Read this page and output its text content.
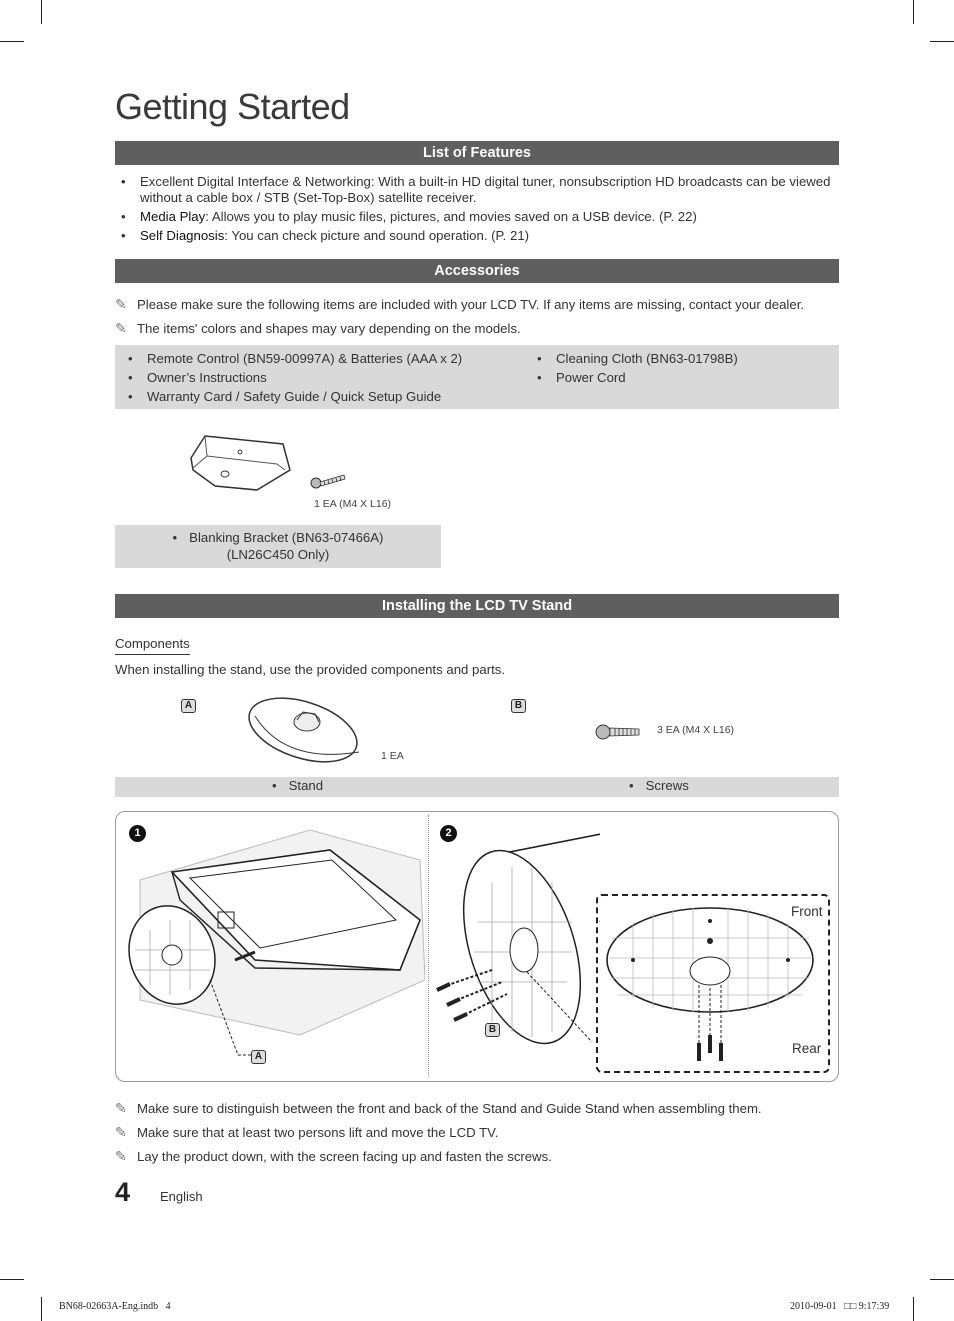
Getting Started
List of Features
• Excellent Digital Interface & Networking: With a built-in HD digital tuner, nonsubscription HD broadcasts can be viewed without a cable box / STB (Set-Top-Box) satellite receiver.
• Media Play: Allows you to play music files, pictures, and movies saved on a USB device. (P. 22)
• Self Diagnosis: You can check picture and sound operation. (P. 21)
Accessories
✎ Please make sure the following items are included with your LCD TV. If any items are missing, contact your dealer.
✎ The items' colors and shapes may vary depending on the models.
• Remote Control (BN59-00997A) & Batteries (AAA x 2)
• Owner’s Instructions
• Warranty Card / Safety Guide / Quick Setup Guide
• Cleaning Cloth (BN63-01798B)
• Power Cord
1 EA (M4 X L16)
• Blanking Bracket (BN63-07466A)
(LN26C450 Only)
Installing the LCD TV Stand
Components
When installing the stand, use the provided components and parts.
A
1 EA
B
3 EA (M4 X L16)
• Stand	• Screws
1
A
2
B
Front
Rear
✎ Make sure to distinguish between the front and back of the Stand and Guide Stand when assembling them.
✎ Make sure that at least two persons lift and move the LCD TV.
✎ Lay the product down, with the screen facing up and fasten the screws.
4 English
BN68-02663A-Eng.indb   4	2010-09-01   □□ 9:17:39
